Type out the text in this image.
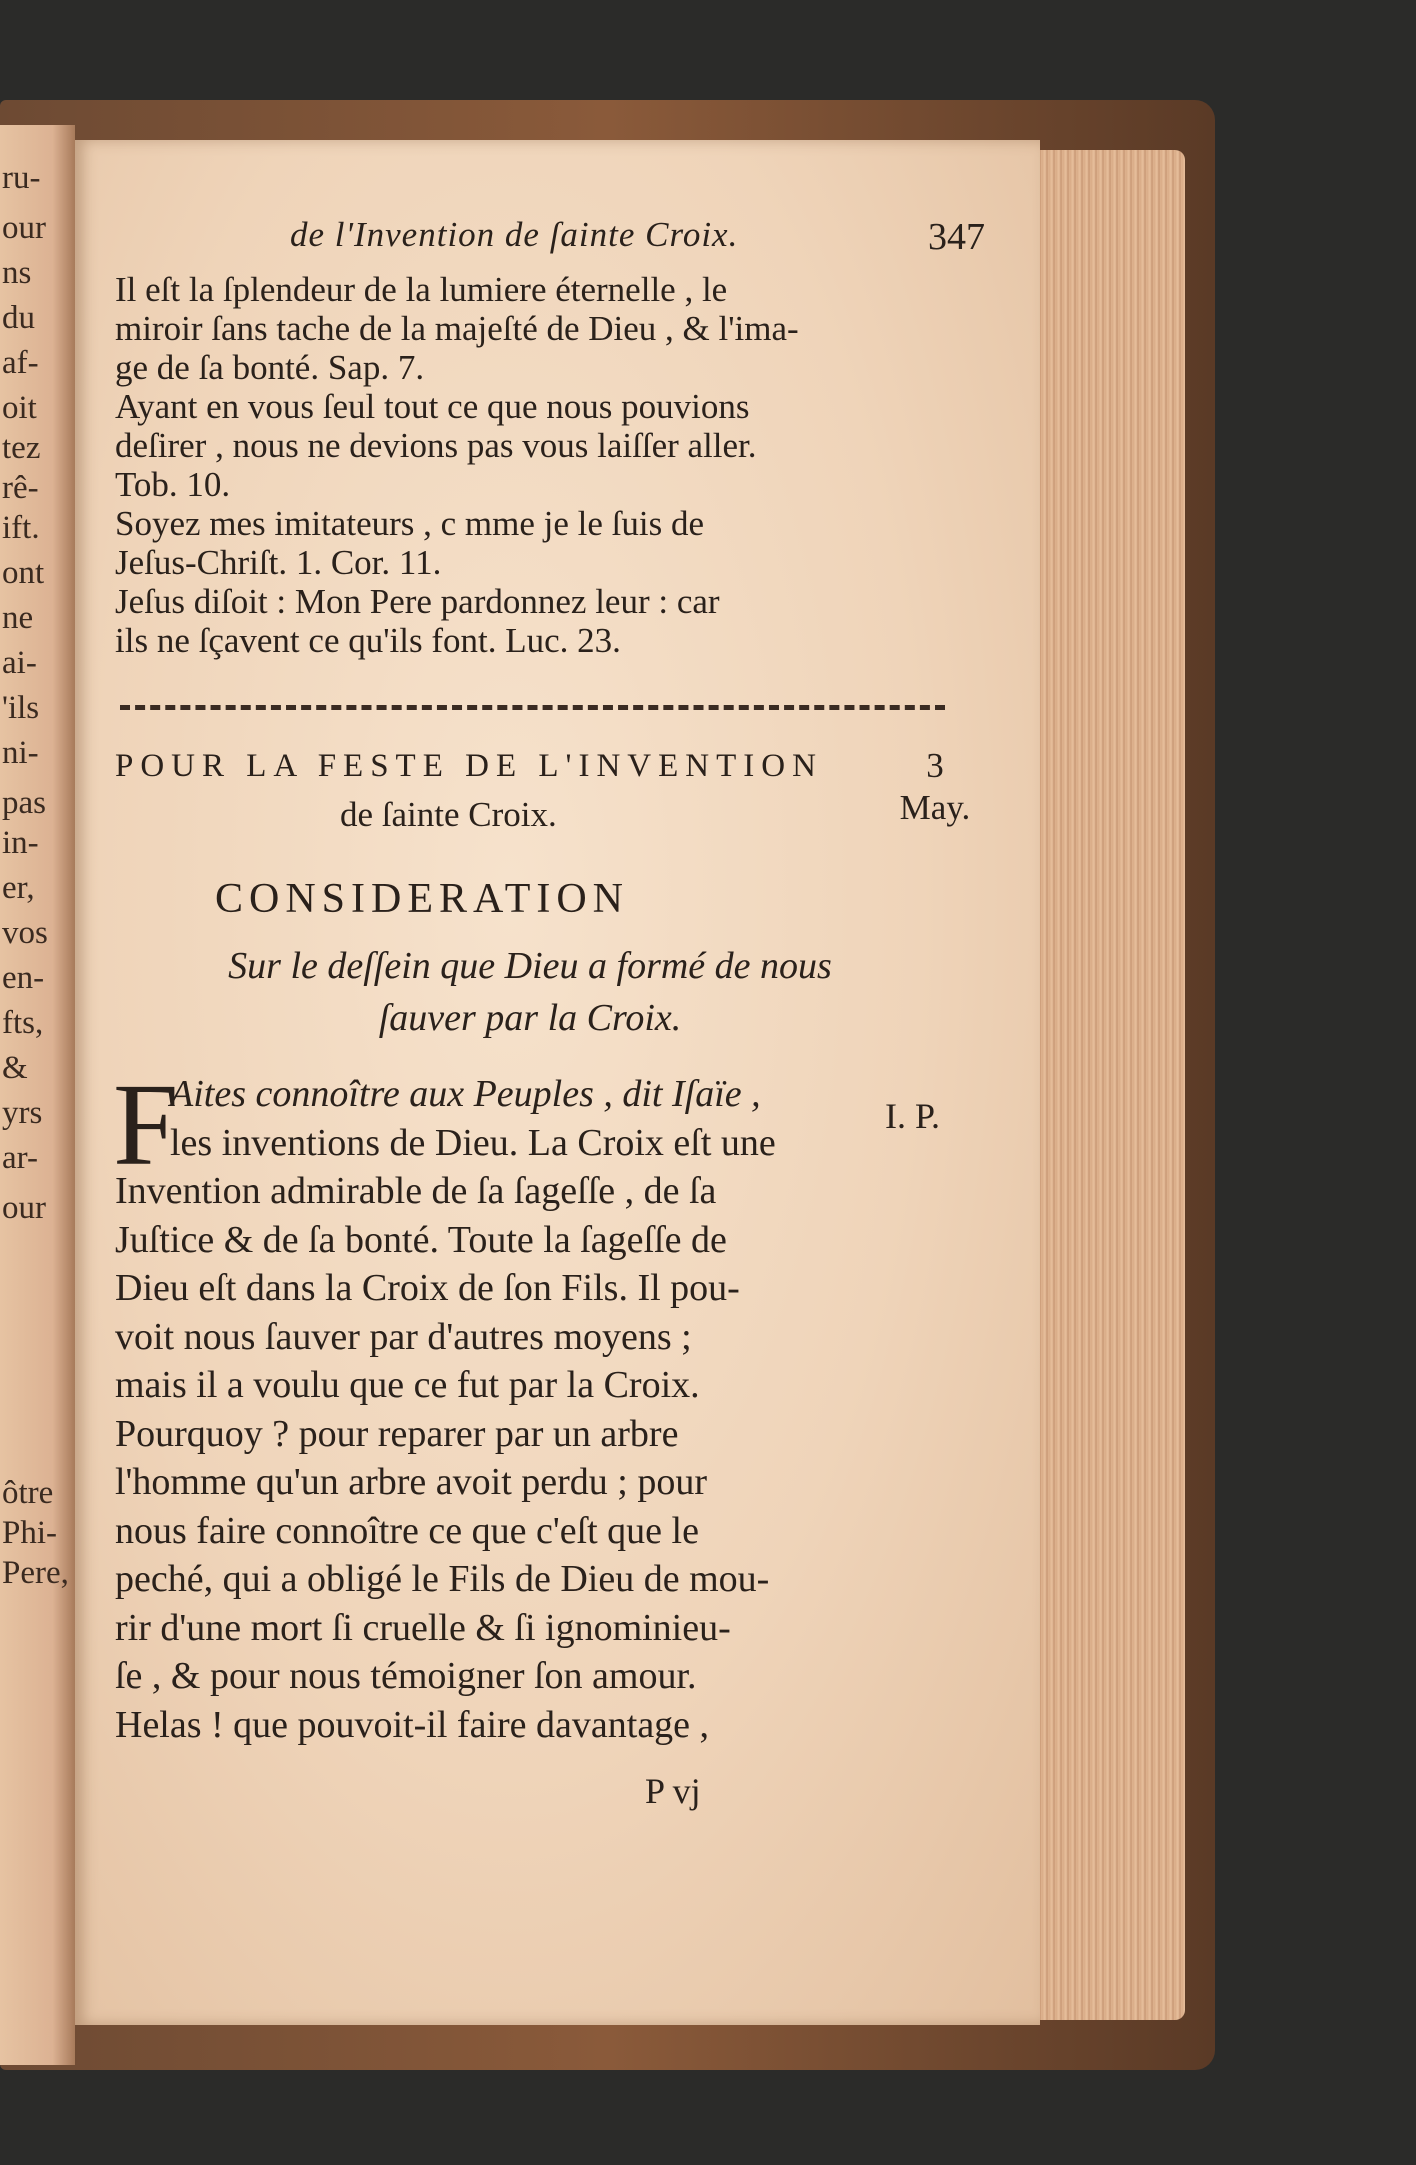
ru-
our
ns
du
af-
oit
tez
rê-
ift.
ont
ne
ai-
'ils
ni-
pas
in-
er,
vos
en-
fts,
&
yrs
ar-
our
ôtre
Phi-
Pere,
de l'Invention de ſainte Croix.	347
Il eſt la ſplendeur de la lumiere éternelle , le
miroir ſans tache de la majeſté de Dieu , & l'ima-
ge de ſa bonté. Sap. 7.
Ayant en vous ſeul tout ce que nous pouvions
deſirer , nous ne devions pas vous laiſſer aller.
Tob. 10.
Soyez mes imitateurs , c mme je le ſuis de
Jeſus-Chriſt. 1. Cor. 11.
Jeſus diſoit : Mon Pere pardonnez leur : car
ils ne ſçavent ce qu'ils font. Luc. 23.
POUR LA FESTE DE L'INVENTION
de ſainte Croix.
3
May.
CONSIDERATION
Sur le deſſein que Dieu a formé de nous
ſauver par la Croix.
F	I. P.
Aites connoître aux Peuples , dit Iſaïe ,
les inventions de Dieu. La Croix eſt une
Invention admirable de ſa ſageſſe , de ſa
Juſtice & de ſa bonté. Toute la ſageſſe de
Dieu eſt dans la Croix de ſon Fils. Il pou-
voit nous ſauver par d'autres moyens ;
mais il a voulu que ce fut par la Croix.
Pourquoy ? pour reparer par un arbre
l'homme qu'un arbre avoit perdu ; pour
nous faire connoître ce que c'eſt que le
peché, qui a obligé le Fils de Dieu de mou-
rir d'une mort ſi cruelle & ſi ignominieu-
ſe , & pour nous témoigner ſon amour.
Helas ! que pouvoit-il faire davantage ,
P vj
